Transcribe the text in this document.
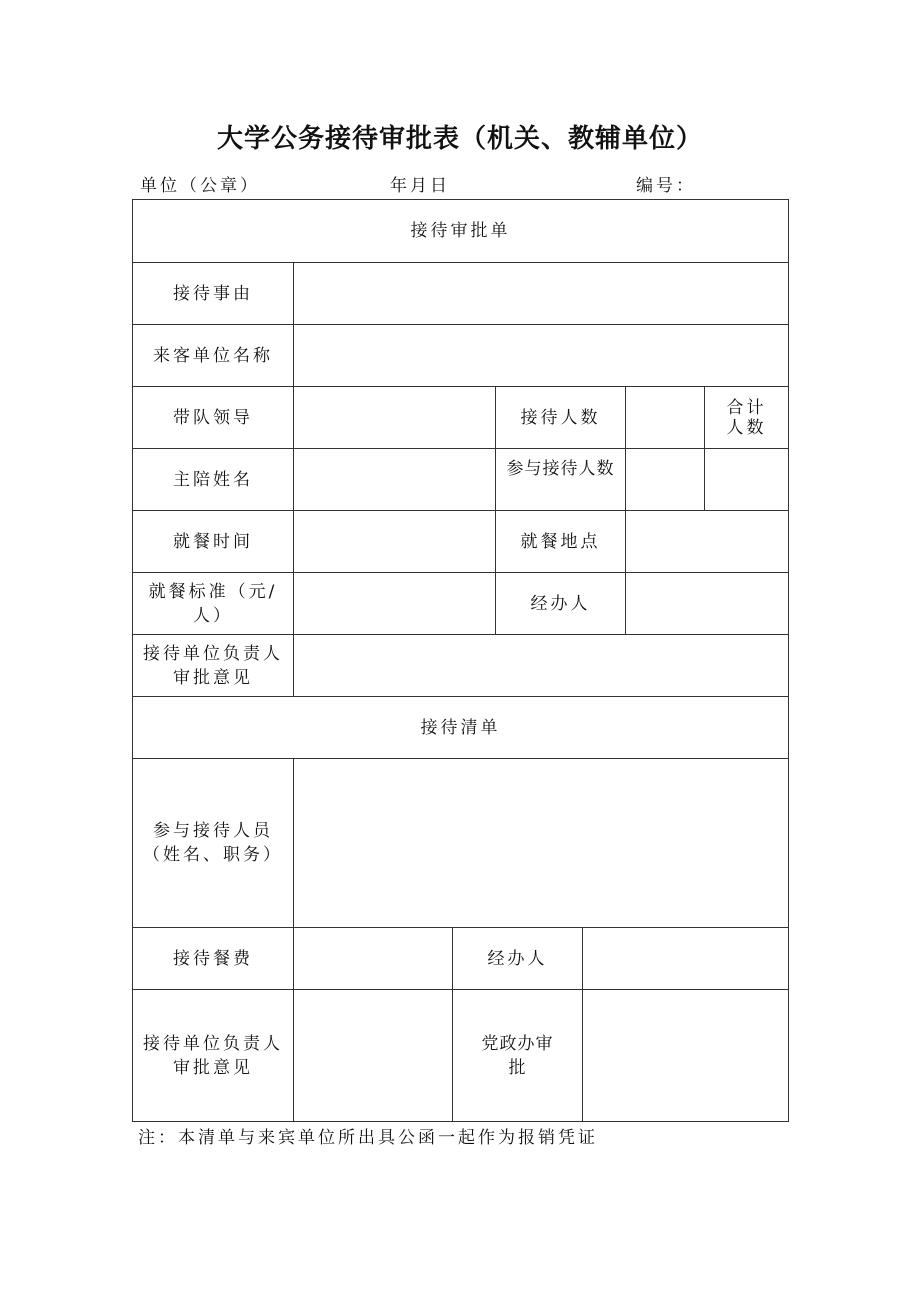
大学公务接待审批表（机关、教辅单位）
单位（公章）	年月日	编号：
接待审批单						
接待事由						
来客单位名称						
带队领导			接待人数			合计
人数

主陪姓名			参与接待人数			
就餐时间			就餐地点			

就餐标准（元/
人）			经办人			

接待单位负责人
审批意见						

接待清单						

参与接待人员
（姓名、职务）						

接待餐费		经办人				

接待单位负责人
审批意见		党政办审
批				

注：本清单与来宾单位所出具公函一起作为报销凭证
